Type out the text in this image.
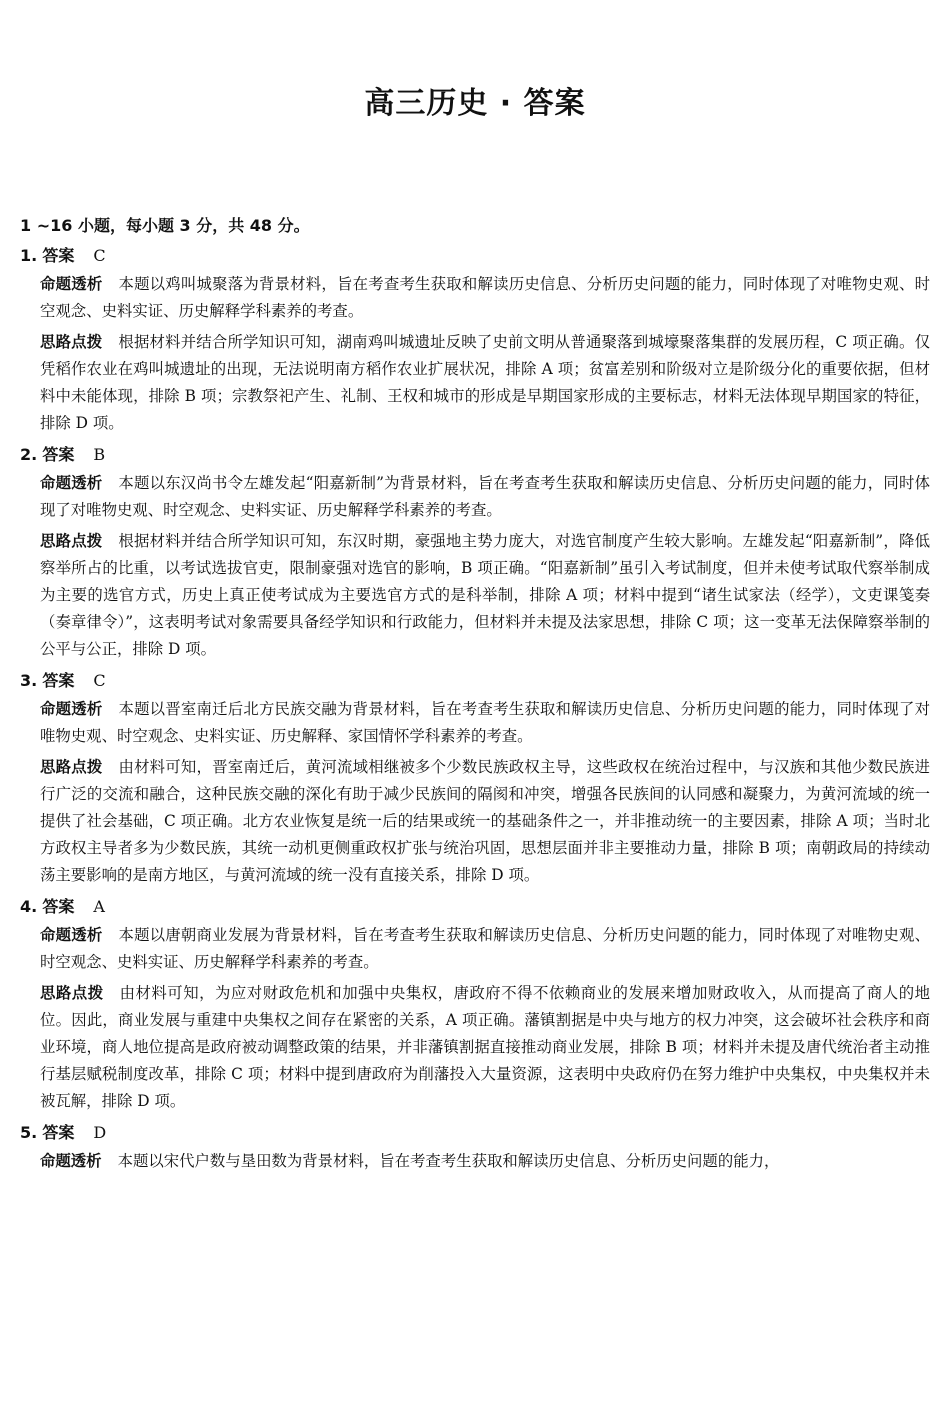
高三历史 · 答案
1 ~16 小题，每小题 3 分，共 48 分。
1. 答案 C
命题透析 本题以鸡叫城聚落为背景材料，旨在考查考生获取和解读历史信息、分析历史问题的能力，同时体现了对唯物史观、时空观念、史料实证、历史解释学科素养的考查。
思路点拨 根据材料并结合所学知识可知，湖南鸡叫城遗址反映了史前文明从普通聚落到城壕聚落集群的发展历程，C 项正确。仅凭稻作农业在鸡叫城遗址的出现，无法说明南方稻作农业扩展状况，排除 A 项；贫富差别和阶级对立是阶级分化的重要依据，但材料中未能体现，排除 B 项；宗教祭祀产生、礼制、王权和城市的形成是早期国家形成的主要标志，材料无法体现早期国家的特征，排除 D 项。
2. 答案 B
命题透析 本题以东汉尚书令左雄发起“阳嘉新制”为背景材料，旨在考查考生获取和解读历史信息、分析历史问题的能力，同时体现了对唯物史观、时空观念、史料实证、历史解释学科素养的考查。
思路点拨 根据材料并结合所学知识可知，东汉时期，豪强地主势力庞大，对选官制度产生较大影响。左雄发起“阳嘉新制”，降低察举所占的比重，以考试选拔官吏，限制豪强对选官的影响，B 项正确。“阳嘉新制”虽引入考试制度，但并未使考试取代察举制成为主要的选官方式，历史上真正使考试成为主要选官方式的是科举制，排除 A 项；材料中提到“诸生试家法（经学），文吏课笺奏（奏章律令）”，这表明考试对象需要具备经学知识和行政能力，但材料并未提及法家思想，排除 C 项；这一变革无法保障察举制的公平与公正，排除 D 项。
3. 答案 C
命题透析 本题以晋室南迁后北方民族交融为背景材料，旨在考查考生获取和解读历史信息、分析历史问题的能力，同时体现了对唯物史观、时空观念、史料实证、历史解释、家国情怀学科素养的考查。
思路点拨 由材料可知，晋室南迁后，黄河流域相继被多个少数民族政权主导，这些政权在统治过程中，与汉族和其他少数民族进行广泛的交流和融合，这种民族交融的深化有助于减少民族间的隔阂和冲突，增强各民族间的认同感和凝聚力，为黄河流域的统一提供了社会基础，C 项正确。北方农业恢复是统一后的结果或统一的基础条件之一，并非推动统一的主要因素，排除 A 项；当时北方政权主导者多为少数民族，其统一动机更侧重政权扩张与统治巩固，思想层面并非主要推动力量，排除 B 项；南朝政局的持续动荡主要影响的是南方地区，与黄河流域的统一没有直接关系，排除 D 项。
4. 答案 A
命题透析 本题以唐朝商业发展为背景材料，旨在考查考生获取和解读历史信息、分析历史问题的能力，同时体现了对唯物史观、时空观念、史料实证、历史解释学科素养的考查。
思路点拨 由材料可知，为应对财政危机和加强中央集权，唐政府不得不依赖商业的发展来增加财政收入，从而提高了商人的地位。因此，商业发展与重建中央集权之间存在紧密的关系，A 项正确。藩镇割据是中央与地方的权力冲突，这会破坏社会秩序和商业环境，商人地位提高是政府被动调整政策的结果，并非藩镇割据直接推动商业发展，排除 B 项；材料并未提及唐代统治者主动推行基层赋税制度改革，排除 C 项；材料中提到唐政府为削藩投入大量资源，这表明中央政府仍在努力维护中央集权，中央集权并未被瓦解，排除 D 项。
5. 答案 D
命题透析 本题以宋代户数与垦田数为背景材料，旨在考查考生获取和解读历史信息、分析历史问题的能力，
